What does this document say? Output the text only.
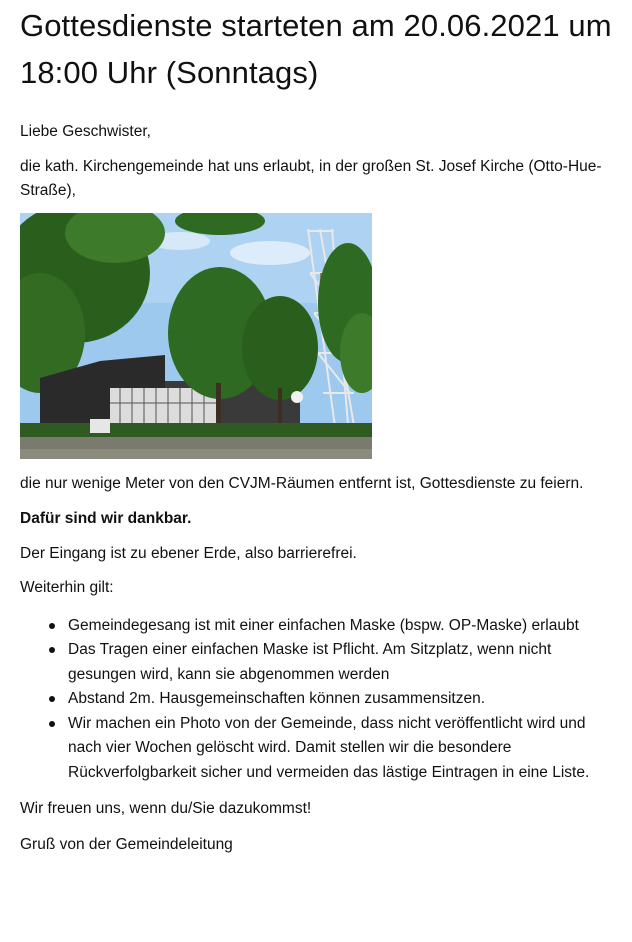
Gottesdienste starteten am 20.06.2021 um 18:00 Uhr (Sonntags)

Liebe Geschwister,

die kath. Kirchengemeinde hat uns erlaubt, in der großen St. Josef Kirche (Otto-Hue-Straße),

die nur wenige Meter von den CVJM-Räumen entfernt ist, Gottesdienste zu feiern.

Dafür sind wir dankbar.

Der Eingang ist zu ebener Erde, also barrierefrei.

Weiterhin gilt:

Gemeindegesang ist mit einer einfachen Maske (bspw. OP-Maske) erlaubt
Das Tragen einer einfachen Maske ist Pflicht. Am Sitzplatz, wenn nicht gesungen wird, kann sie abgenommen werden
Abstand 2m. Hausgemeinschaften können zusammensitzen.
Wir machen ein Photo von der Gemeinde, dass nicht veröffentlicht wird und nach vier Wochen gelöscht wird. Damit stellen wir die besondere Rückverfolgbarkeit sicher und vermeiden das lästige Eintragen in eine Liste.

Wir freuen uns, wenn du/Sie dazukommst!

Gruß von der Gemeindeleitung
